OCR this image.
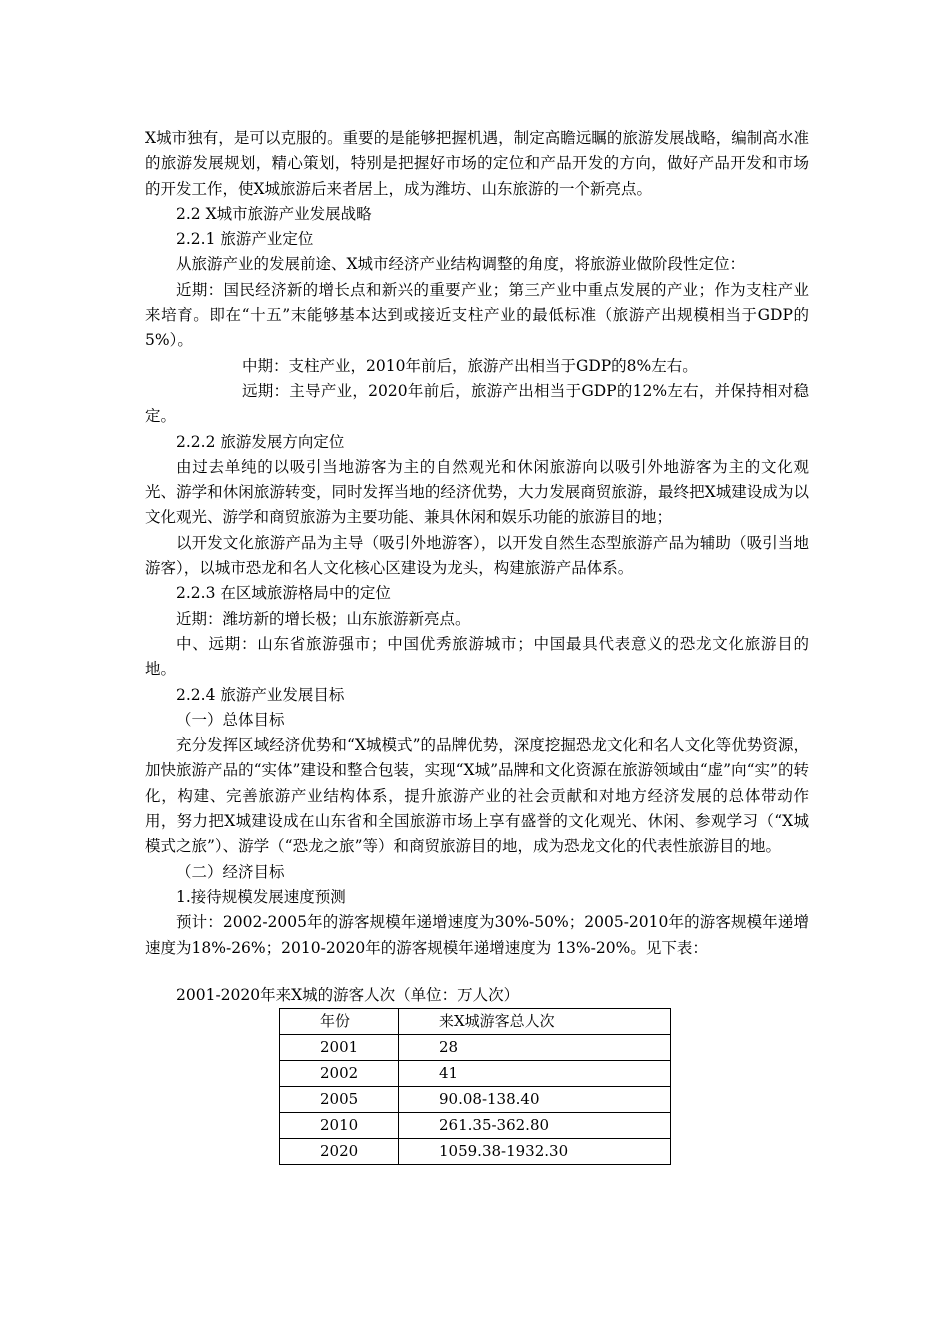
X城市独有，是可以克服的。重要的是能够把握机遇，制定高瞻远瞩的旅游发展战略，编制高水准的旅游发展规划，精心策划，特别是把握好市场的定位和产品开发的方向，做好产品开发和市场的开发工作，使X城旅游后来者居上，成为潍坊、山东旅游的一个新亮点。

2.2 X城市旅游产业发展战略

2.2.1 旅游产业定位

从旅游产业的发展前途、X城市经济产业结构调整的角度，将旅游业做阶段性定位：

近期：国民经济新的增长点和新兴的重要产业；第三产业中重点发展的产业；作为支柱产业来培育。即在“十五”末能够基本达到或接近支柱产业的最低标准（旅游产出规模相当于GDP的5%）。

中期：支柱产业，2010年前后，旅游产出相当于GDP的8%左右。

远期：主导产业，2020年前后，旅游产出相当于GDP的12%左右，并保持相对稳定。

2.2.2 旅游发展方向定位

由过去单纯的以吸引当地游客为主的自然观光和休闲旅游向以吸引外地游客为主的文化观光、游学和休闲旅游转变，同时发挥当地的经济优势，大力发展商贸旅游，最终把X城建设成为以文化观光、游学和商贸旅游为主要功能、兼具休闲和娱乐功能的旅游目的地；

以开发文化旅游产品为主导（吸引外地游客），以开发自然生态型旅游产品为辅助（吸引当地游客），以城市恐龙和名人文化核心区建设为龙头，构建旅游产品体系。

2.2.3 在区域旅游格局中的定位

近期：潍坊新的增长极；山东旅游新亮点。

中、远期：山东省旅游强市；中国优秀旅游城市；中国最具代表意义的恐龙文化旅游目的地。

2.2.4 旅游产业发展目标

（一）总体目标

充分发挥区域经济优势和“X城模式”的品牌优势，深度挖掘恐龙文化和名人文化等优势资源，加快旅游产品的“实体”建设和整合包装，实现“X城”品牌和文化资源在旅游领域由“虚”向“实”的转化，构建、完善旅游产业结构体系，提升旅游产业的社会贡献和对地方经济发展的总体带动作用，努力把X城建设成在山东省和全国旅游市场上享有盛誉的文化观光、休闲、参观学习（“X城模式之旅”）、游学（“恐龙之旅”等）和商贸旅游目的地，成为恐龙文化的代表性旅游目的地。

（二）经济目标

1.接待规模发展速度预测

预计：2002-2005年的游客规模年递增速度为30%-50%；2005-2010年的游客规模年递增速度为18%-26%；2010-2020年的游客规模年递增速度为 13%-20%。见下表：

2001-2020年来X城的游客人次（单位：万人次）

年份	来X城游客总人次
2001	28
2002	41
2005	90.08-138.40
2010	261.35-362.80
2020	1059.38-1932.30
